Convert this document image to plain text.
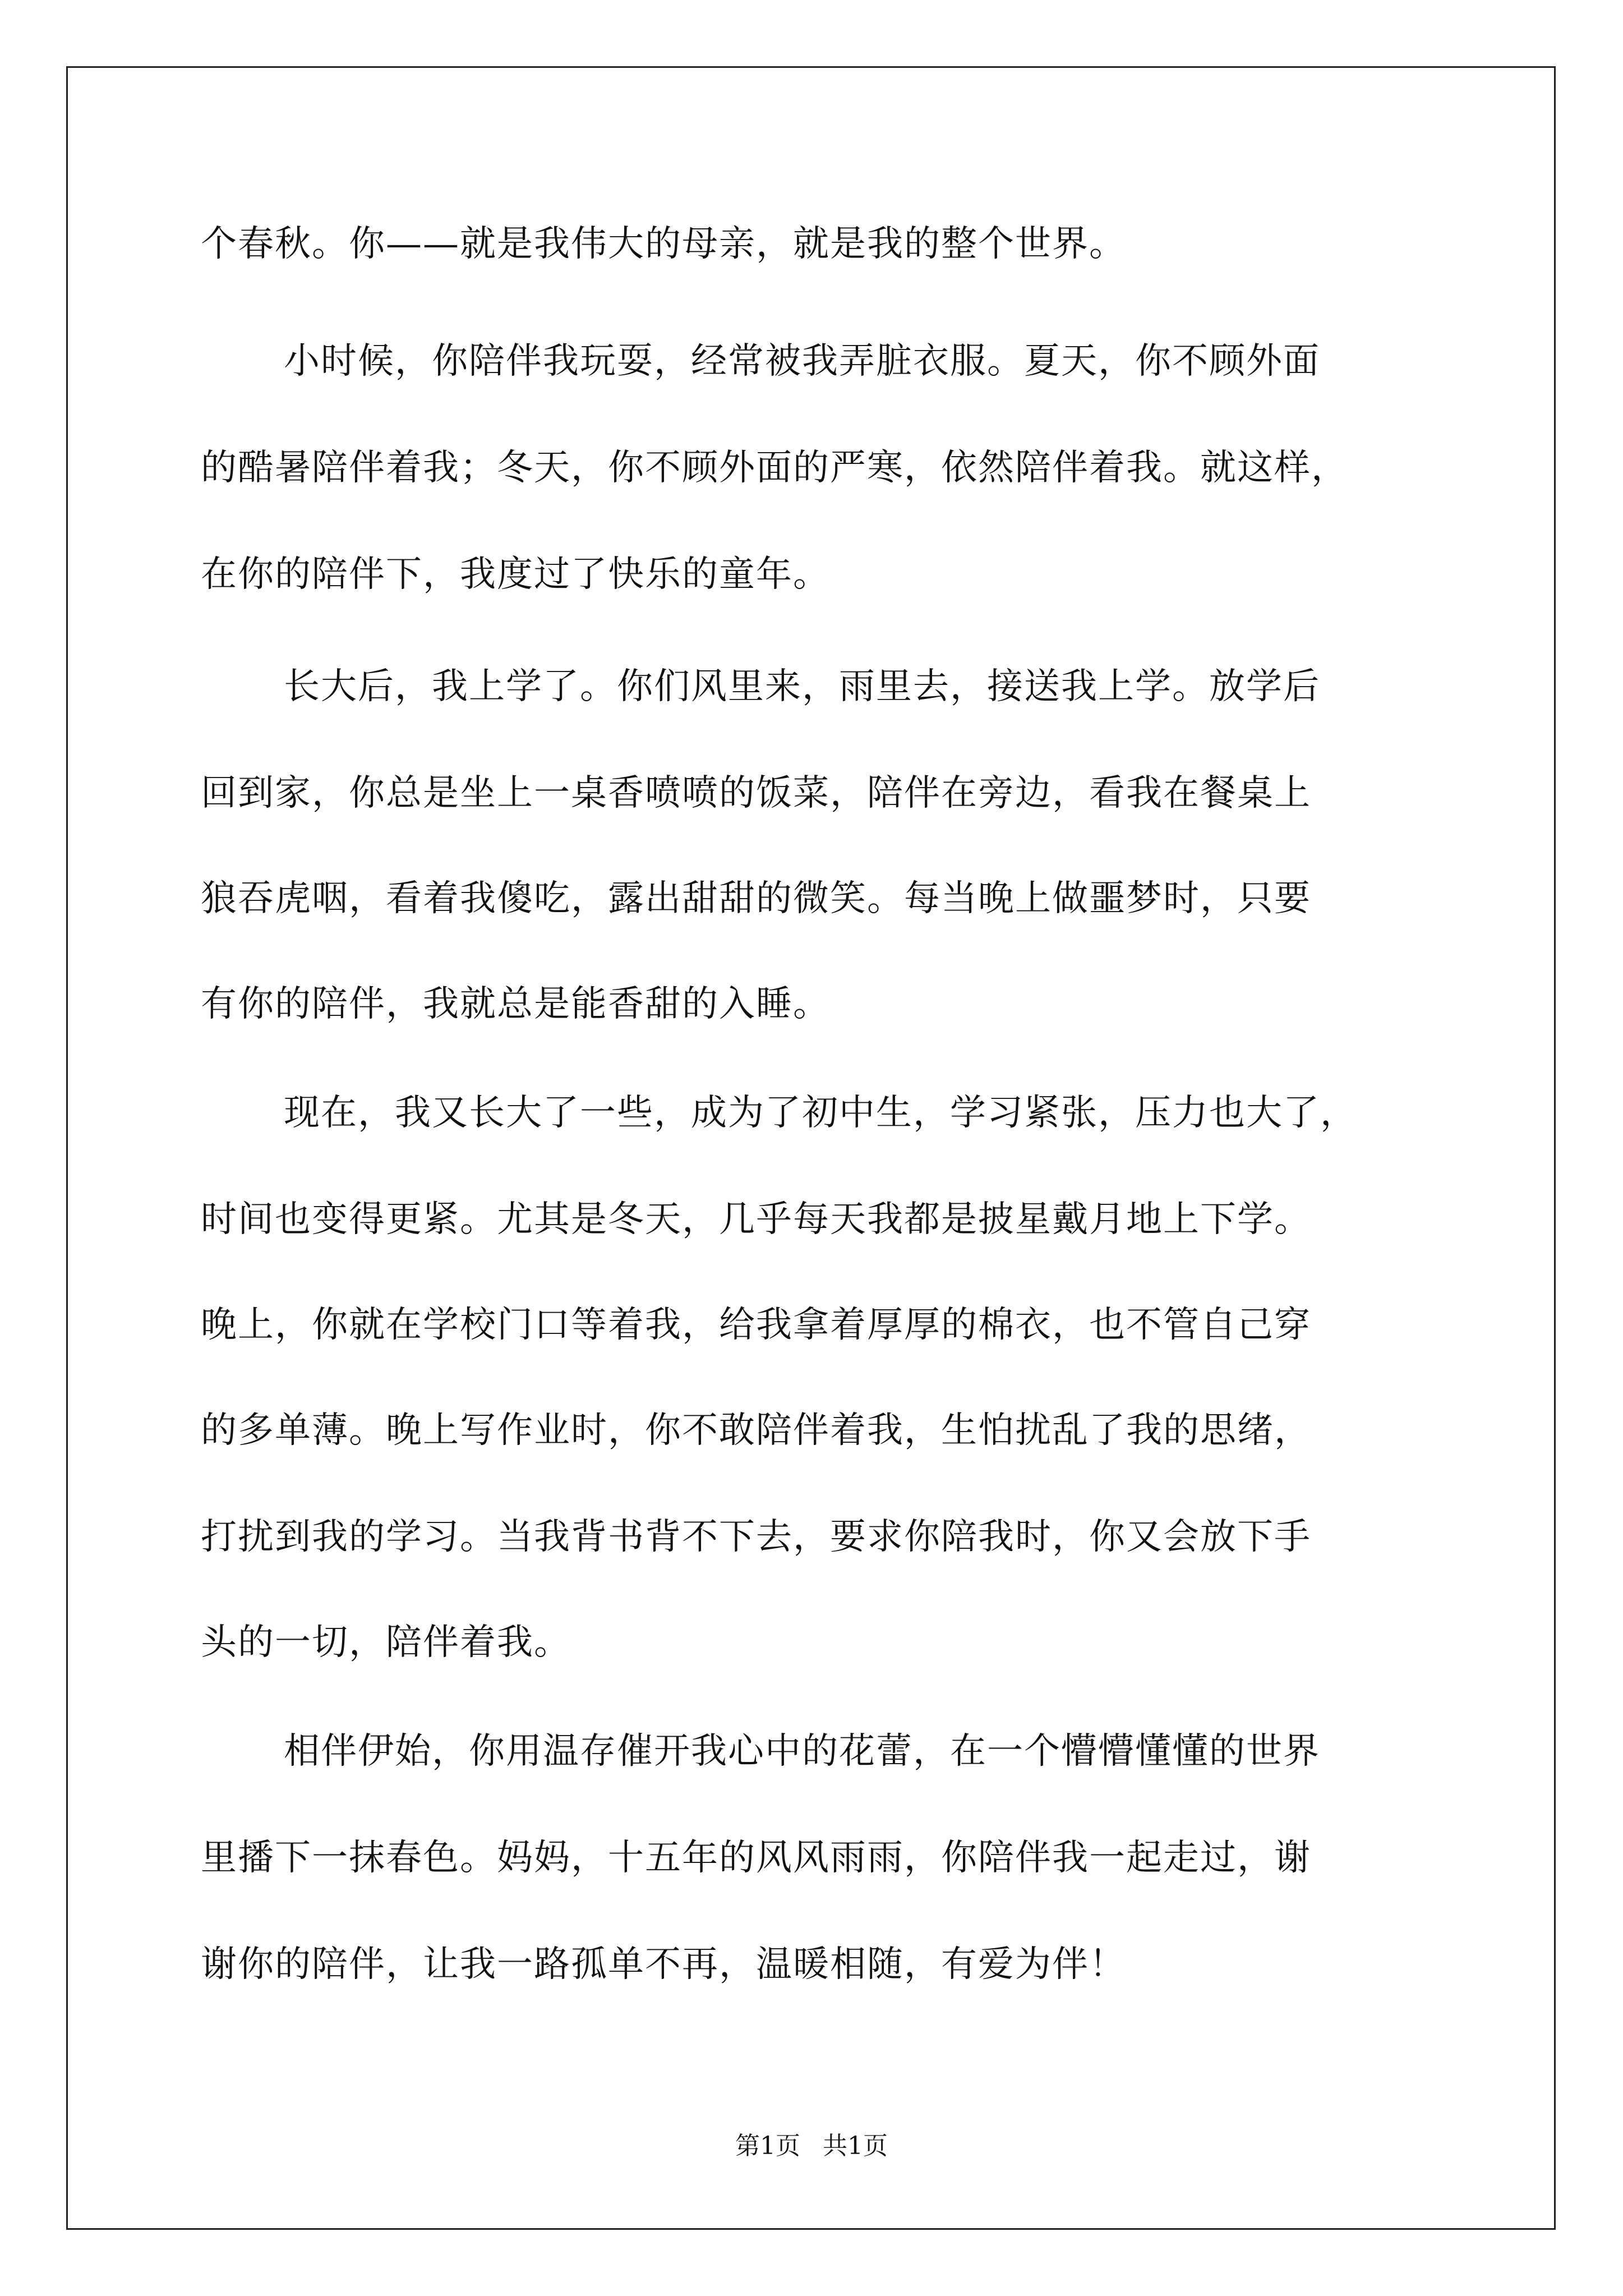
个春秋。你——就是我伟大的母亲，就是我的整个世界。
小时候，你陪伴我玩耍，经常被我弄脏衣服。夏天，你不顾外面
的酷暑陪伴着我；冬天，你不顾外面的严寒，依然陪伴着我。就这样，
在你的陪伴下，我度过了快乐的童年。
长大后，我上学了。你们风里来，雨里去，接送我上学。放学后
回到家，你总是坐上一桌香喷喷的饭菜，陪伴在旁边，看我在餐桌上
狼吞虎咽，看着我傻吃，露出甜甜的微笑。每当晚上做噩梦时，只要
有你的陪伴，我就总是能香甜的入睡。
现在，我又长大了一些，成为了初中生，学习紧张，压力也大了，
时间也变得更紧。尤其是冬天，几乎每天我都是披星戴月地上下学。
晚上，你就在学校门口等着我，给我拿着厚厚的棉衣，也不管自己穿
的多单薄。晚上写作业时，你不敢陪伴着我，生怕扰乱了我的思绪，
打扰到我的学习。当我背书背不下去，要求你陪我时，你又会放下手
头的一切，陪伴着我。
相伴伊始，你用温存催开我心中的花蕾，在一个懵懵懂懂的世界
里播下一抹春色。妈妈，十五年的风风雨雨，你陪伴我一起走过，谢
谢你的陪伴，让我一路孤单不再，温暖相随，有爱为伴！
第1页 共1页
